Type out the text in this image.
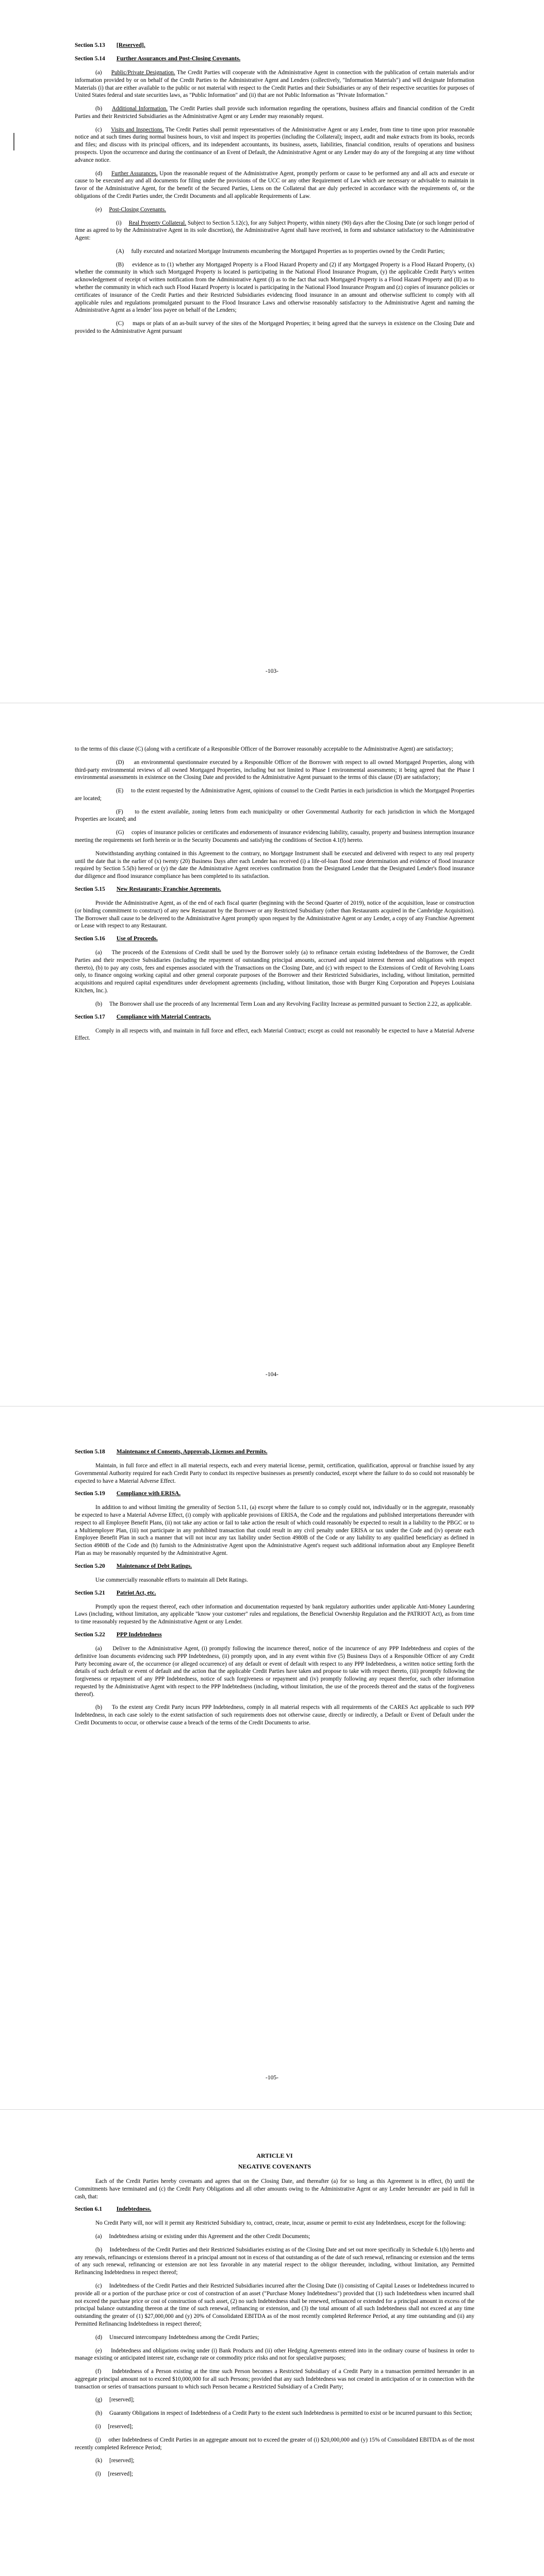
Section 5.13 [Reserved].
Section 5.14 Further Assurances and Post-Closing Covenants.

(a) Public/Private Designation. The Credit Parties will cooperate with the Administrative Agent in connection with the publication of certain materials and/or information provided by or on behalf of the Credit Parties to the Administrative Agent and Lenders (collectively, "Information Materials") and will designate Information Materials (i) that are either available to the public or not material with respect to the Credit Parties and their Subsidiaries or any of their respective securities for purposes of United States federal and state securities laws, as "Public Information" and (ii) that are not Public Information as "Private Information."

(b) Additional Information. The Credit Parties shall provide such information regarding the operations, business affairs and financial condition of the Credit Parties and their Restricted Subsidiaries as the Administrative Agent or any Lender may reasonably request.

(c) Visits and Inspections. The Credit Parties shall permit representatives of the Administrative Agent or any Lender, from time to time upon prior reasonable notice and at such times during normal business hours, to visit and inspect its properties (including the Collateral); inspect, audit and make extracts from its books, records and files; and discuss with its principal officers, and its independent accountants, its business, assets, liabilities, financial condition, results of operations and business prospects. Upon the occurrence and during the continuance of an Event of Default, the Administrative Agent or any Lender may do any of the foregoing at any time without advance notice.

(d) Further Assurances. Upon the reasonable request of the Administrative Agent, promptly perform or cause to be performed any and all acts and execute or cause to be executed any and all documents for filing under the provisions of the UCC or any other Requirement of Law which are necessary or advisable to maintain in favor of the Administrative Agent, for the benefit of the Secured Parties, Liens on the Collateral that are duly perfected in accordance with the requirements of, or the obligations of the Credit Parties under, the Credit Documents and all applicable Requirements of Law.

(e) Post-Closing Covenants.

(i) Real Property Collateral. Subject to Section 5.12(c), for any Subject Property, within ninety (90) days after the Closing Date (or such longer period of time as agreed to by the Administrative Agent in its sole discretion), the Administrative Agent shall have received, in form and substance satisfactory to the Administrative Agent:

(A) fully executed and notarized Mortgage Instruments encumbering the Mortgaged Properties as to properties owned by the Credit Parties;

(B) evidence as to (1) whether any Mortgaged Property is a Flood Hazard Property and (2) if any Mortgaged Property is a Flood Hazard Property, (x) whether the community in which such Mortgaged Property is located is participating in the National Flood Insurance Program, (y) the applicable Credit Party's written acknowledgement of receipt of written notification from the Administrative Agent (I) as to the fact that such Mortgaged Property is a Flood Hazard Property and (II) as to whether the community in which each such Flood Hazard Property is located is participating in the National Flood Insurance Program and (z) copies of insurance policies or certificates of insurance of the Credit Parties and their Restricted Subsidiaries evidencing flood insurance in an amount and otherwise sufficient to comply with all applicable rules and regulations promulgated pursuant to the Flood Insurance Laws and otherwise reasonably satisfactory to the Administrative Agent and naming the Administrative Agent as a lender' loss payee on behalf of the Lenders;

(C) maps or plats of an as-built survey of the sites of the Mortgaged Properties; it being agreed that the surveys in existence on the Closing Date and provided to the Administrative Agent pursuant

-103-

to the terms of this clause (C) (along with a certificate of a Responsible Officer of the Borrower reasonably acceptable to the Administrative Agent) are satisfactory;

(D) an environmental questionnaire executed by a Responsible Officer of the Borrower with respect to all owned Mortgaged Properties, along with third-party environmental reviews of all owned Mortgaged Properties, including but not limited to Phase I environmental assessments; it being agreed that the Phase I environmental assessments in existence on the Closing Date and provided to the Administrative Agent pursuant to the terms of this clause (D) are satisfactory;

(E) to the extent requested by the Administrative Agent, opinions of counsel to the Credit Parties in each jurisdiction in which the Mortgaged Properties are located;

(F) to the extent available, zoning letters from each municipality or other Governmental Authority for each jurisdiction in which the Mortgaged Properties are located; and

(G) copies of insurance policies or certificates and endorsements of insurance evidencing liability, casualty, property and business interruption insurance meeting the requirements set forth herein or in the Security Documents and satisfying the conditions of Section 4.1(f) hereto.

Notwithstanding anything contained in this Agreement to the contrary, no Mortgage Instrument shall be executed and delivered with respect to any real property until the date that is the earlier of (x) twenty (20) Business Days after each Lender has received (i) a life-of-loan flood zone determination and evidence of flood insurance required by Section 5.5(b) hereof or (y) the date the Administrative Agent receives confirmation from the Designated Lender that the Designated Lender's flood insurance due diligence and flood insurance compliance has been completed to its satisfaction.

Section 5.15 New Restaurants; Franchise Agreements.

Provide the Administrative Agent, as of the end of each fiscal quarter (beginning with the Second Quarter of 2019), notice of the acquisition, lease or construction (or binding commitment to construct) of any new Restaurant by the Borrower or any Restricted Subsidiary (other than Restaurants acquired in the Cambridge Acquisition). The Borrower shall cause to be delivered to the Administrative Agent promptly upon request by the Administrative Agent or any Lender, a copy of any Franchise Agreement or Lease with respect to any Restaurant.

Section 5.16 Use of Proceeds.

(a) The proceeds of the Extensions of Credit shall be used by the Borrower solely (a) to refinance certain existing Indebtedness of the Borrower, the Credit Parties and their respective Subsidiaries (including the repayment of outstanding principal amounts, accrued and unpaid interest thereon and obligations with respect thereto), (b) to pay any costs, fees and expenses associated with the Transactions on the Closing Date, and (c) with respect to the Extensions of Credit of Revolving Loans only, to finance ongoing working capital and other general corporate purposes of the Borrower and their Restricted Subsidiaries, including, without limitation, permitted acquisitions and required capital expenditures under development agreements (including, without limitation, those with Burger King Corporation and Popeyes Louisiana Kitchen, Inc.).

(b) The Borrower shall use the proceeds of any Incremental Term Loan and any Revolving Facility Increase as permitted pursuant to Section 2.22, as applicable.

Section 5.17 Compliance with Material Contracts.

Comply in all respects with, and maintain in full force and effect, each Material Contract; except as could not reasonably be expected to have a Material Adverse Effect.

-104-
Section 5.18 Maintenance of Consents, Approvals, Licenses and Permits.

Maintain, in full force and effect in all material respects, each and every material license, permit, certification, qualification, approval or franchise issued by any Governmental Authority required for each Credit Party to conduct its respective businesses as presently conducted, except where the failure to do so could not reasonably be expected to have a Material Adverse Effect.

Section 5.19 Compliance with ERISA.

In addition to and without limiting the generality of Section 5.11, (a) except where the failure to so comply could not, individually or in the aggregate, reasonably be expected to have a Material Adverse Effect, (i) comply with applicable provisions of ERISA, the Code and the regulations and published interpretations thereunder with respect to all Employee Benefit Plans, (ii) not take any action or fail to take action the result of which could reasonably be expected to result in a liability to the PBGC or to a Multiemployer Plan, (iii) not participate in any prohibited transaction that could result in any civil penalty under ERISA or tax under the Code and (iv) operate each Employee Benefit Plan in such a manner that will not incur any tax liability under Section 4980B of the Code or any liability to any qualified beneficiary as defined in Section 4980B of the Code and (b) furnish to the Administrative Agent upon the Administrative Agent's request such additional information about any Employee Benefit Plan as may be reasonably requested by the Administrative Agent.

Section 5.20 Maintenance of Debt Ratings.

Use commercially reasonable efforts to maintain all Debt Ratings.

Section 5.21 Patriot Act, etc.

Promptly upon the request thereof, each other information and documentation requested by bank regulatory authorities under applicable Anti-Money Laundering Laws (including, without limitation, any applicable "know your customer" rules and regulations, the Beneficial Ownership Regulation and the PATRIOT Act), as from time to time reasonably requested by the Administrative Agent or any Lender.

Section 5.22 PPP Indebtedness

(a) Deliver to the Administrative Agent, (i) promptly following the incurrence thereof, notice of the incurrence of any PPP Indebtedness and copies of the definitive loan documents evidencing such PPP Indebtedness, (ii) promptly upon, and in any event within five (5) Business Days of a Responsible Officer of any Credit Party becoming aware of, the occurrence (or alleged occurrence) of any default or event of default with respect to any PPP Indebtedness, a written notice setting forth the details of such default or event of default and the action that the applicable Credit Parties have taken and propose to take with respect thereto, (iii) promptly following the forgiveness or repayment of any PPP Indebtedness, notice of such forgiveness or repayment and (iv) promptly following any request therefor, such other information requested by the Administrative Agent with respect to the PPP Indebtedness (including, without limitation, the use of the proceeds thereof and the status of the forgiveness thereof).

(b) To the extent any Credit Party incurs PPP Indebtedness, comply in all material respects with all requirements of the CARES Act applicable to such PPP Indebtedness, in each case solely to the extent satisfaction of such requirements does not otherwise cause, directly or indirectly, a Default or Event of Default under the Credit Documents to occur, or otherwise cause a breach of the terms of the Credit Documents to arise.

-105-
ARTICLE VI
NEGATIVE COVENANTS

Each of the Credit Parties hereby covenants and agrees that on the Closing Date, and thereafter (a) for so long as this Agreement is in effect, (b) until the Commitments have terminated and (c) the Credit Party Obligations and all other amounts owing to the Administrative Agent or any Lender hereunder are paid in full in cash, that:

Section 6.1 Indebtedness.

No Credit Party will, nor will it permit any Restricted Subsidiary to, contract, create, incur, assume or permit to exist any Indebtedness, except for the following:

(a) Indebtedness arising or existing under this Agreement and the other Credit Documents;

(b) Indebtedness of the Credit Parties and their Restricted Subsidiaries existing as of the Closing Date and set out more specifically in Schedule 6.1(b) hereto and any renewals, refinancings or extensions thereof in a principal amount not in excess of that outstanding as of the date of such renewal, refinancing or extension and the terms of any such renewal, refinancing or extension are not less favorable in any material respect to the obligor thereunder, including, without limitation, any Permitted Refinancing Indebtedness in respect thereof;

(c) Indebtedness of the Credit Parties and their Restricted Subsidiaries incurred after the Closing Date (i) consisting of Capital Leases or Indebtedness incurred to provide all or a portion of the purchase price or cost of construction of an asset ("Purchase Money Indebtedness") provided that (1) such Indebtedness when incurred shall not exceed the purchase price or cost of construction of such asset, (2) no such Indebtedness shall be renewed, refinanced or extended for a principal amount in excess of the principal balance outstanding thereon at the time of such renewal, refinancing or extension, and (3) the total amount of all such Indebtedness shall not exceed at any time outstanding the greater of (1) $27,000,000 and (y) 20% of Consolidated EBITDA as of the most recently completed Reference Period, at any time outstanding and (ii) any Permitted Refinancing Indebtedness in respect thereof;

(d) Unsecured intercompany Indebtedness among the Credit Parties;

(e) Indebtedness and obligations owing under (i) Bank Products and (ii) other Hedging Agreements entered into in the ordinary course of business in order to manage existing or anticipated interest rate, exchange rate or commodity price risks and not for speculative purposes;

(f) Indebtedness of a Person existing at the time such Person becomes a Restricted Subsidiary of a Credit Party in a transaction permitted hereunder in an aggregate principal amount not to exceed $10,000,000 for all such Persons; provided that any such Indebtedness was not created in anticipation of or in connection with the transaction or series of transactions pursuant to which such Person became a Restricted Subsidiary of a Credit Party;

(g) [reserved];

(h) Guaranty Obligations in respect of Indebtedness of a Credit Party to the extent such Indebtedness is permitted to exist or be incurred pursuant to this Section;

(i) [reserved];

(j) other Indebtedness of Credit Parties in an aggregate amount not to exceed the greater of (i) $20,000,000 and (y) 15% of Consolidated EBITDA as of the most recently completed Reference Period;

(k) [reserved];

(l) [reserved];
